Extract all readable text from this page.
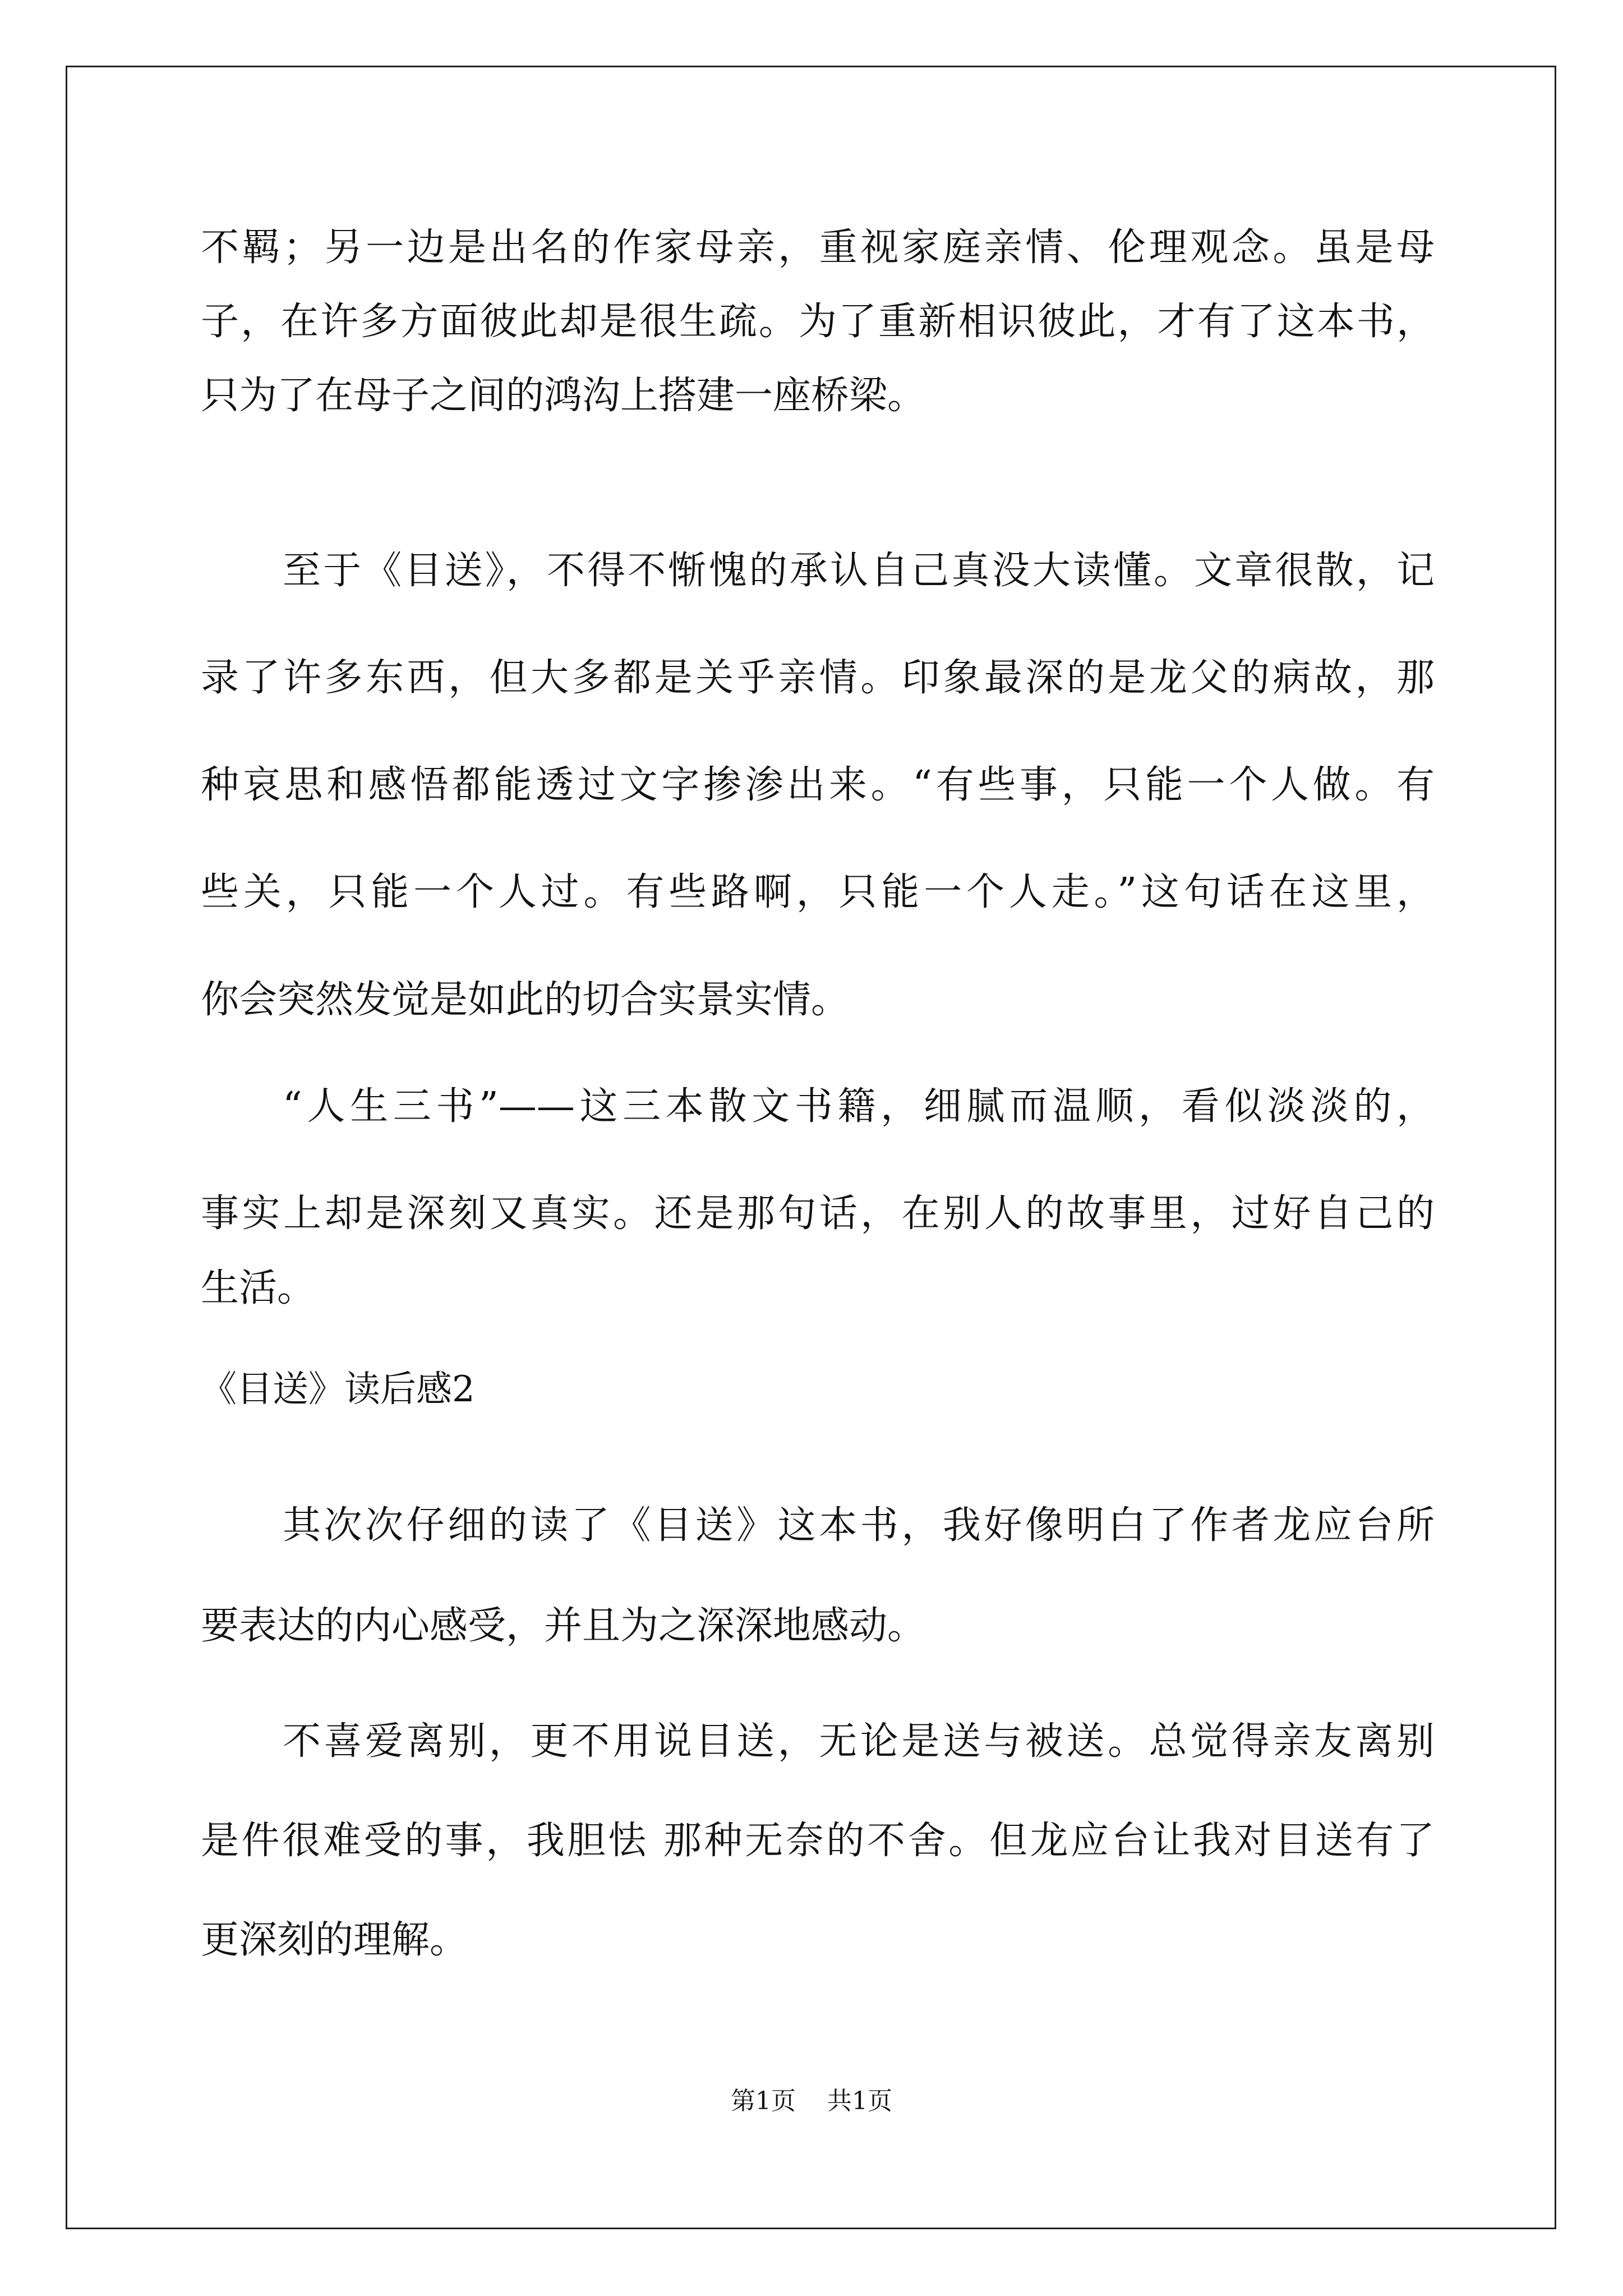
不羁；另一边是出名的作家母亲，重视家庭亲情、伦理观念。虽是母
子，在许多方面彼此却是很生疏。为了重新相识彼此，才有了这本书，
只为了在母子之间的鸿沟上搭建一座桥梁。
至于《目送》，不得不惭愧的承认自己真没大读懂。文章很散，记
录了许多东西，但大多都是关乎亲情。印象最深的是龙父的病故，那
种哀思和感悟都能透过文字掺渗出来。“有些事，只能一个人做。有
些关，只能一个人过。有些路啊，只能一个人走。”这句话在这里，
你会突然发觉是如此的切合实景实情。
“人生三书”——这三本散文书籍，细腻而温顺，看似淡淡的，
事实上却是深刻又真实。还是那句话，在别人的故事里，过好自己的
生活。
《目送》读后感2
其次次仔细的读了《目送》这本书，我好像明白了作者龙应台所
要表达的内心感受，并且为之深深地感动。
不喜爱离别，更不用说目送，无论是送与被送。总觉得亲友离别
是件很难受的事，我胆怯 那种无奈的不舍。但龙应台让我对目送有了
更深刻的理解。
第1页 共1页
